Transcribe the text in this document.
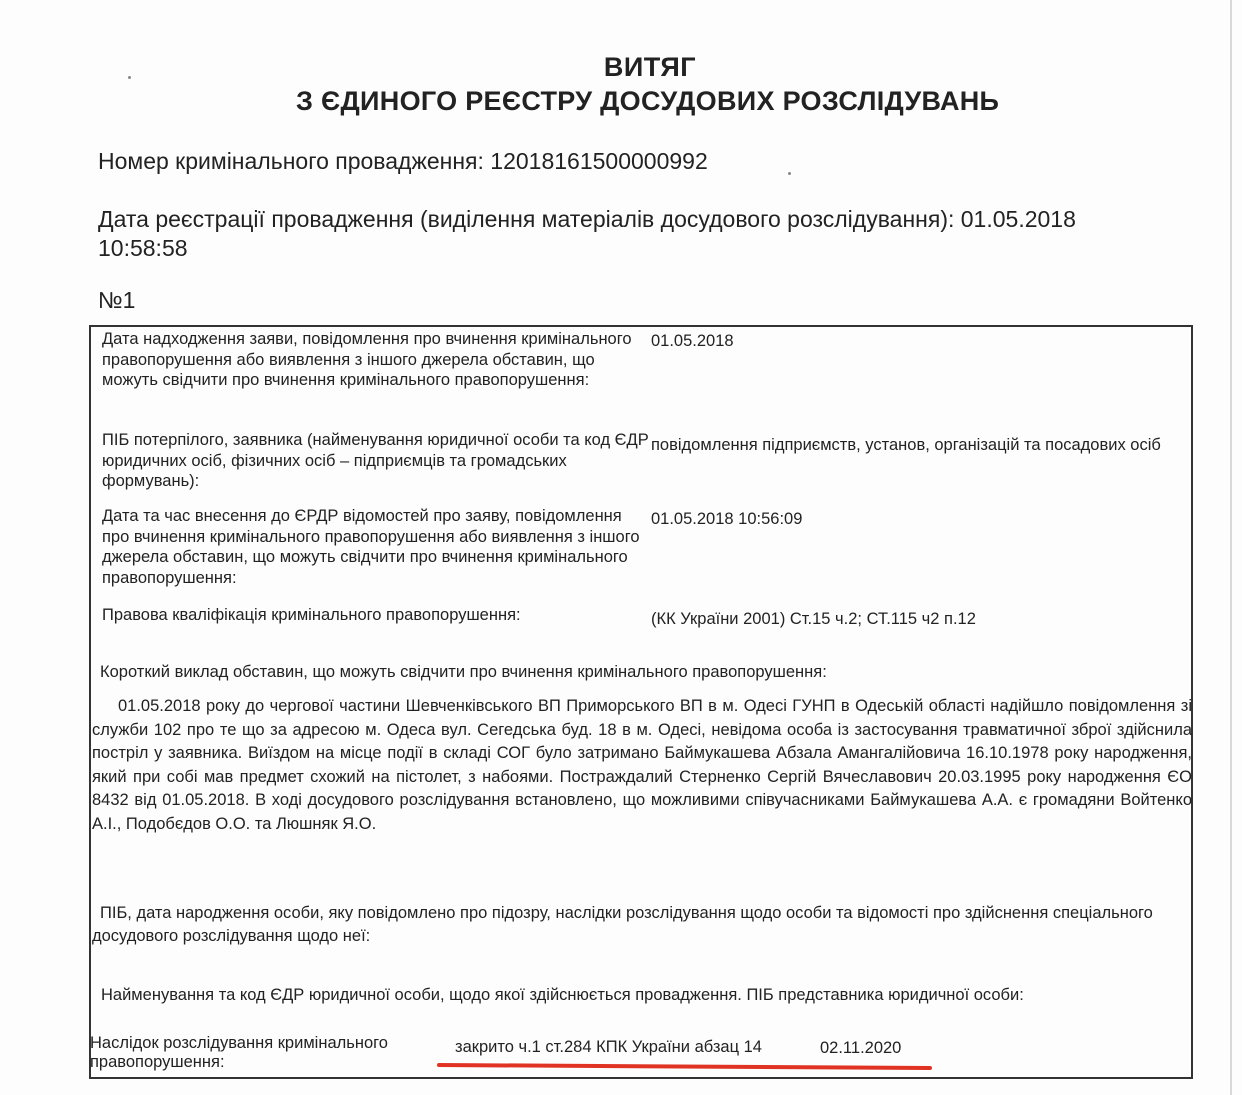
ВИТЯГ
З ЄДИНОГО РЕЄСТРУ ДОСУДОВИХ РОЗСЛІДУВАНЬ
Номер кримінального провадження: 12018161500000992
Дата реєстрації провадження (виділення матеріалів досудового розслідування): 01.05.2018 10:58:58
№1
Дата надходження заяви, повідомлення про вчинення кримінального правопорушення або виявлення з іншого джерела обставин, що можуть свідчити про вчинення кримінального правопорушення:
01.05.2018
ПІБ потерпілого, заявника (найменування юридичної особи та код ЄДР юридичних осіб, фізичних осіб – підприємців та громадських формувань):
повідомлення підприємств, установ, організацій та посадових осіб
Дата та час внесення до ЄРДР відомостей про заяву, повідомлення про вчинення кримінального правопорушення або виявлення з іншого джерела обставин, що можуть свідчити про вчинення кримінального правопорушення:
01.05.2018 10:56:09
Правова кваліфікація кримінального правопорушення:	(КК України 2001) Ст.15 ч.2; СТ.115 ч2 п.12
Короткий виклад обставин, що можуть свідчити про вчинення кримінального правопорушення:
01.05.2018 року до чергової частини Шевченківського ВП Приморського ВП в м. Одесі ГУНП в Одеській області надійшло повідомлення зі служби 102 про те що за адресою м. Одеса вул. Сегедська буд. 18 в м. Одесі, невідома особа із застосування травматичної зброї здійснила постріл у заявника. Виїздом на місце події в складі СОГ було затримано Баймукашева Абзала Амангалійовича 16.10.1978 року народження, який при собі мав предмет схожий на пістолет, з набоями. Постраждалий Стерненко Сергій Вячеславович 20.03.1995 року народження ЄО 8432 від 01.05.2018. В ході досудового розслідування встановлено, що можливими співучасниками Баймукашева А.А. є громадяни Войтенко А.І., Подобєдов О.О. та Люшняк Я.О.
ПІБ, дата народження особи, яку повідомлено про підозру, наслідки розслідування щодо особи та відомості про здійснення спеціального досудового розслідування щодо неї:
Найменування та код ЄДР юридичної особи, щодо якої здійснюється провадження. ПІБ представника юридичної особи:
Наслідок розслідування кримінального правопорушення:
закрито ч.1 ст.284 КПК України абзац 14	02.11.2020
